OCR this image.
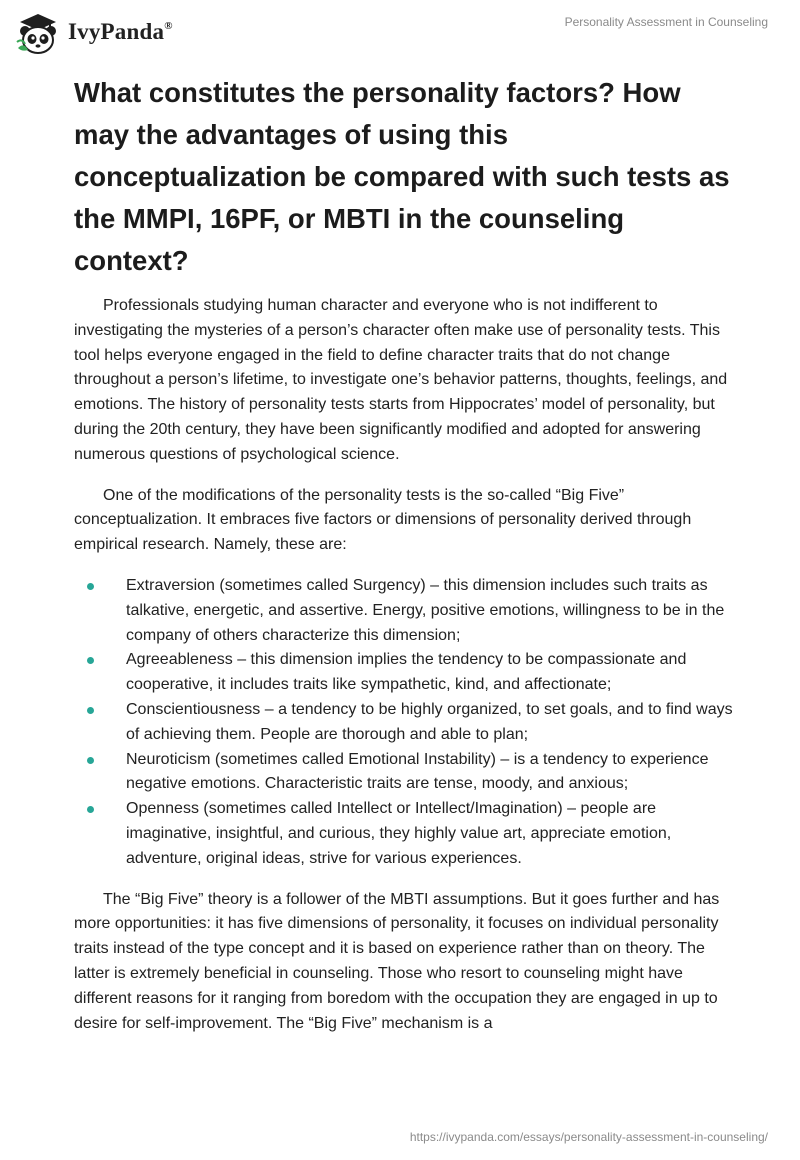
IvyPanda®	Personality Assessment in Counseling
What constitutes the personality factors? How may the advantages of using this conceptualization be compared with such tests as the MMPI, 16PF, or MBTI in the counseling context?

Professionals studying human character and everyone who is not indifferent to investigating the mysteries of a person’s character often make use of personality tests. This tool helps everyone engaged in the field to define character traits that do not change throughout a person’s lifetime, to investigate one’s behavior patterns, thoughts, feelings, and emotions. The history of personality tests starts from Hippocrates’ model of personality, but during the 20th century, they have been significantly modified and adopted for answering numerous questions of psychological science.

One of the modifications of the personality tests is the so-called “Big Five” conceptualization. It embraces five factors or dimensions of personality derived through empirical research. Namely, these are:

Extraversion (sometimes called Surgency) – this dimension includes such traits as talkative, energetic, and assertive. Energy, positive emotions, willingness to be in the company of others characterize this dimension;
Agreeableness – this dimension implies the tendency to be compassionate and cooperative, it includes traits like sympathetic, kind, and affectionate;
Conscientiousness – a tendency to be highly organized, to set goals, and to find ways of achieving them. People are thorough and able to plan;
Neuroticism (sometimes called Emotional Instability) – is a tendency to experience negative emotions. Characteristic traits are tense, moody, and anxious;
Openness (sometimes called Intellect or Intellect/Imagination) – people are imaginative, insightful, and curious, they highly value art, appreciate emotion, adventure, original ideas, strive for various experiences.

The “Big Five” theory is a follower of the MBTI assumptions. But it goes further and has more opportunities: it has five dimensions of personality, it focuses on individual personality traits instead of the type concept and it is based on experience rather than on theory. The latter is extremely beneficial in counseling. Those who resort to counseling might have different reasons for it ranging from boredom with the occupation they are engaged in up to desire for self-improvement. The “Big Five” mechanism is a

https://ivypanda.com/essays/personality-assessment-in-counseling/
